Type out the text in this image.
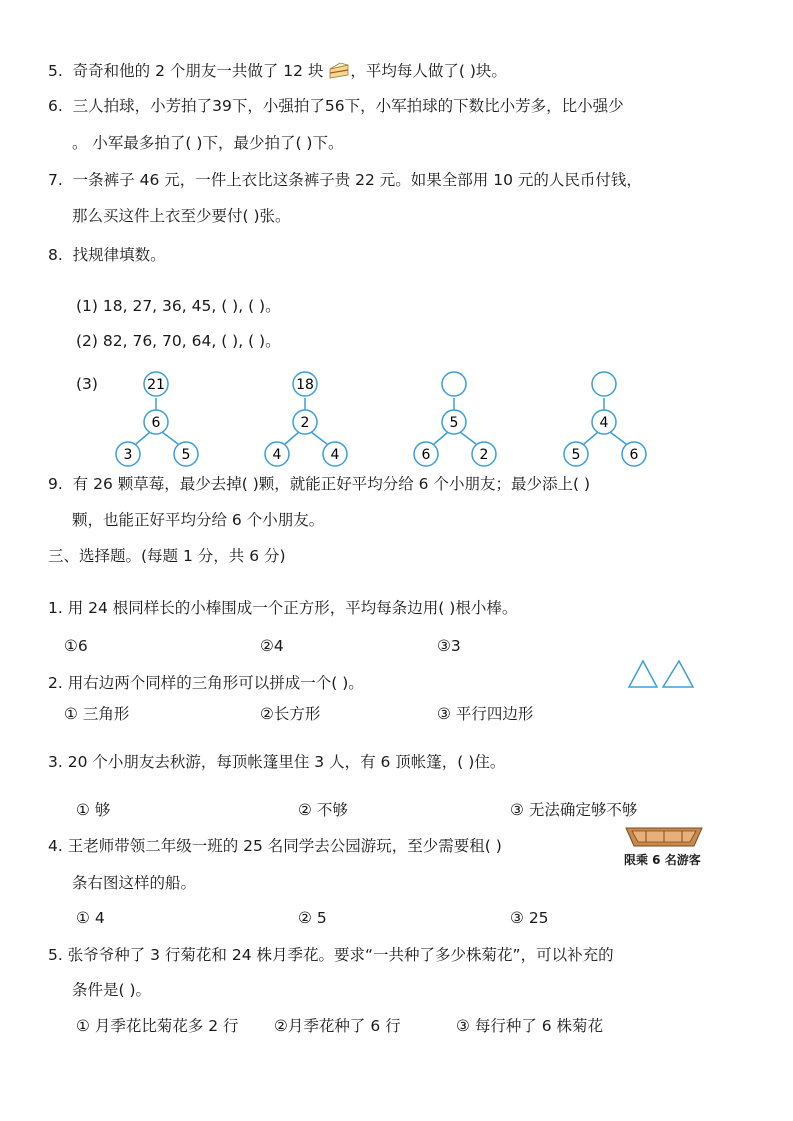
5. 奇奇和他的 2 个朋友一共做了 12 块 ，平均每人做了( )块。
6. 三人拍球，小芳拍了39下，小强拍了56下，小军拍球的下数比小芳多，比小强少
。 小军最多拍了( )下，最少拍了( )下。
7. 一条裤子 46 元，一件上衣比这条裤子贵 22 元。如果全部用 10 元的人民币付钱，
那么买这件上衣至少要付( )张。
8. 找规律填数。
(1) 18, 27, 36, 45, ( ), ( )。
(2) 82, 76, 70, 64, ( ), ( )。
(3)	21
6
3	5
18
2
4	4
5
6	2
4
5	6
9. 有 26 颗草莓，最少去掉( )颗，就能正好平均分给 6 个小朋友；最少添上( )
颗，也能正好平均分给 6 个小朋友。
三、选择题。(每题 1 分，共 6 分)
1. 用 24 根同样长的小棒围成一个正方形，平均每条边用( )根小棒。
①6	②4	③3
2. 用右边两个同样的三角形可以拼成一个( )。
① 三角形	②长方形	③ 平行四边形
3. 20 个小朋友去秋游，每顶帐篷里住 3 人，有 6 顶帐篷，( )住。
① 够	② 不够	③ 无法确定够不够
4. 王老师带领二年级一班的 25 名同学去公园游玩，至少需要租( )
条右图这样的船。
限乘 6 名游客
① 4	② 5	③ 25
5. 张爷爷种了 3 行菊花和 24 株月季花。要求“一共种了多少株菊花”，可以补充的
条件是( )。
① 月季花比菊花多 2 行 ②月季花种了 6 行	③ 每行种了 6 株菊花
